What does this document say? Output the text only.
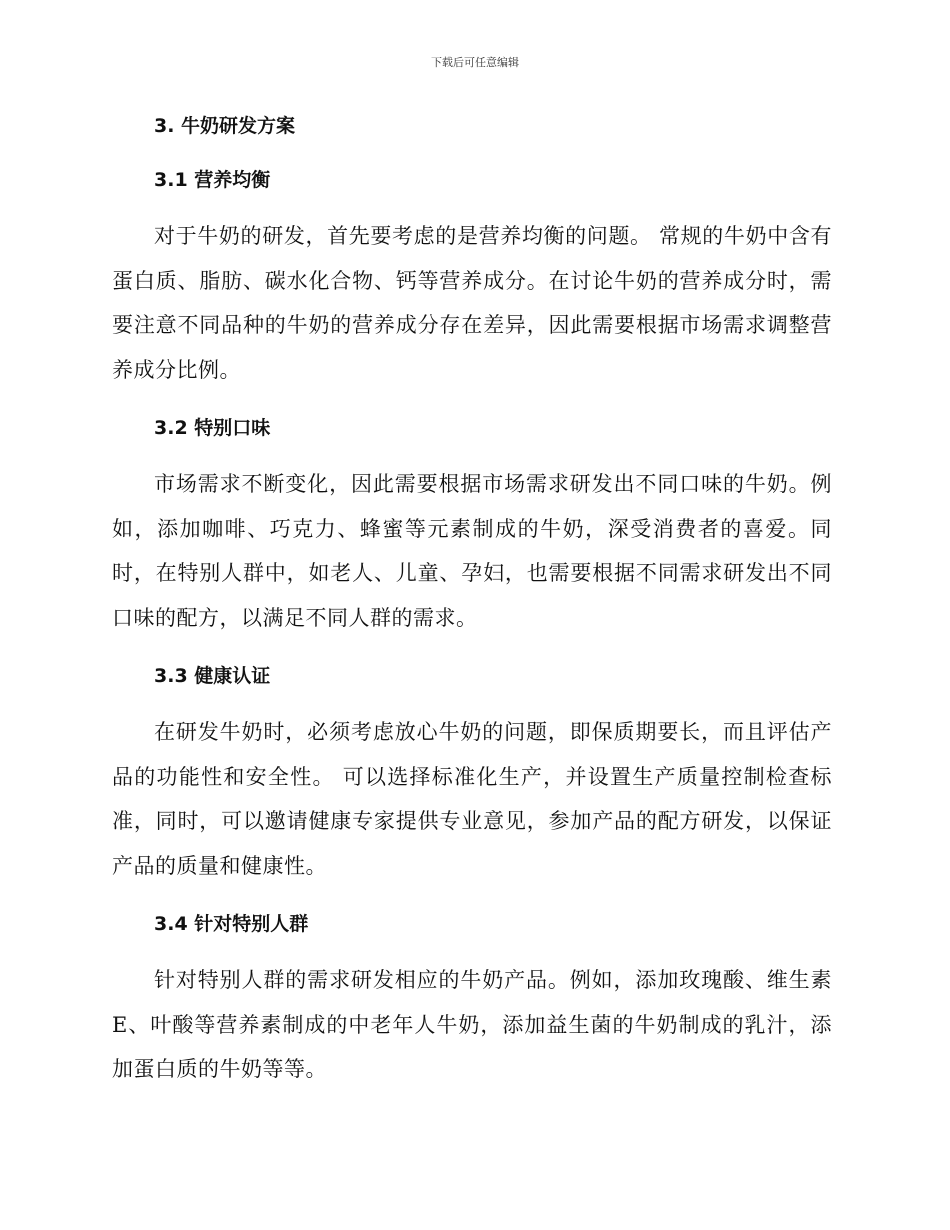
下载后可任意编辑
3. 牛奶研发方案
3.1 营养均衡

对于牛奶的研发，首先要考虑的是营养均衡的问题。 常规的牛奶中含有蛋白质、脂肪、碳水化合物、钙等营养成分。在讨论牛奶的营养成分时，需要注意不同品种的牛奶的营养成分存在差异，因此需要根据市场需求调整营养成分比例。

3.2 特别口味

市场需求不断变化，因此需要根据市场需求研发出不同口味的牛奶。例如，添加咖啡、巧克力、蜂蜜等元素制成的牛奶，深受消费者的喜爱。同时，在特别人群中，如老人、儿童、孕妇，也需要根据不同需求研发出不同口味的配方，以满足不同人群的需求。

3.3 健康认证

在研发牛奶时，必须考虑放心牛奶的问题，即保质期要长，而且评估产品的功能性和安全性。 可以选择标准化生产，并设置生产质量控制检查标准，同时，可以邀请健康专家提供专业意见，参加产品的配方研发，以保证产品的质量和健康性。

3.4 针对特别人群

针对特别人群的需求研发相应的牛奶产品。例如，添加玫瑰酸、维生素E、叶酸等营养素制成的中老年人牛奶，添加益生菌的牛奶制成的乳汁，添加蛋白质的牛奶等等。
